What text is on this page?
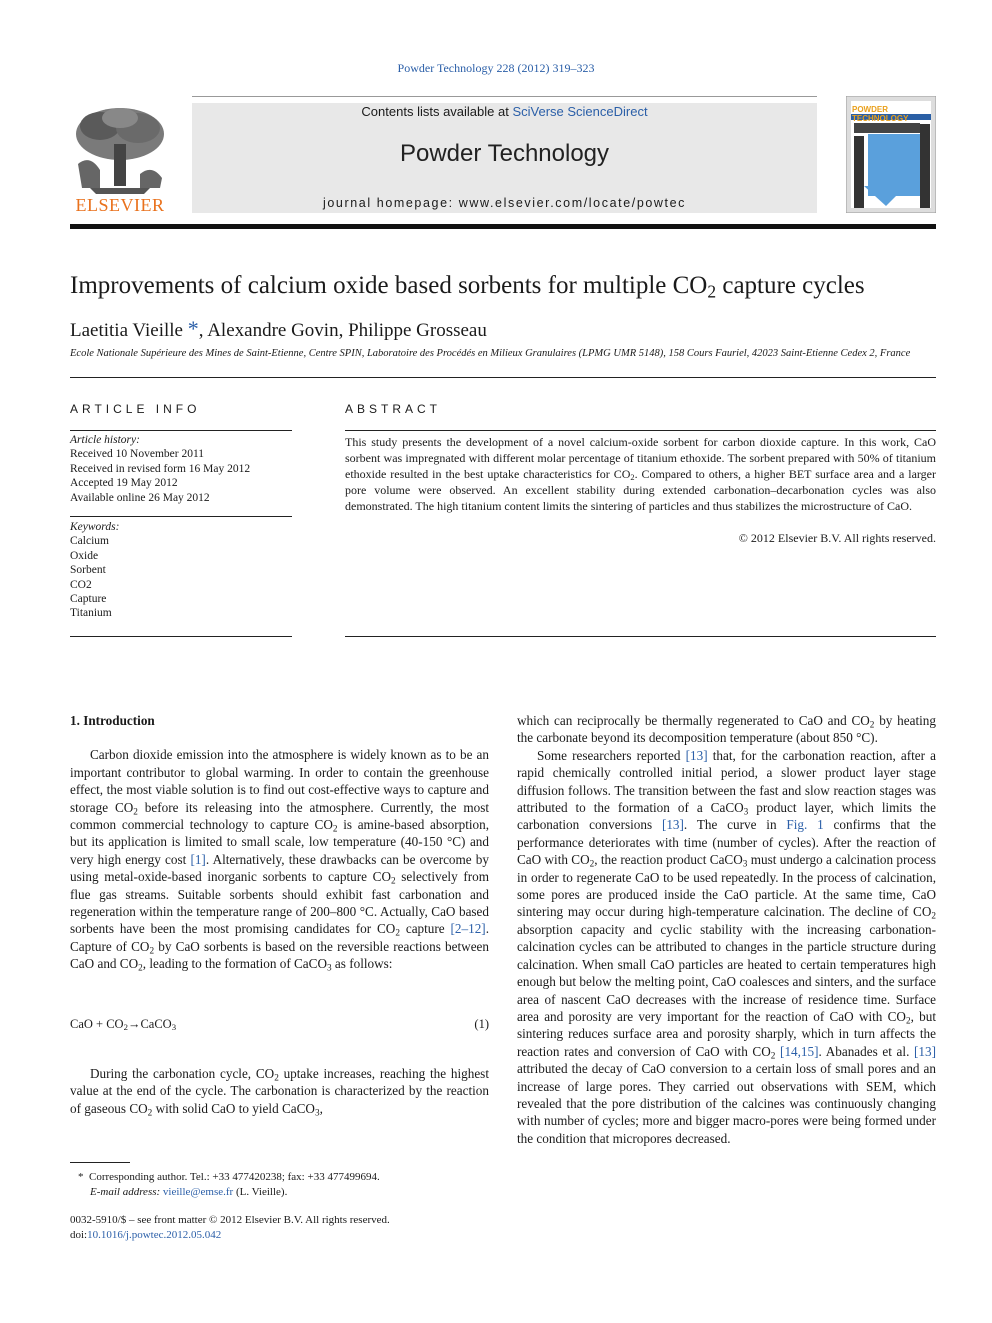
Powder Technology 228 (2012) 319–323
ELSEVIER
Contents lists available at SciVerse ScienceDirect
Powder Technology
journal homepage: www.elsevier.com/locate/powtec
POWDER TECHNOLOGY
Improvements of calcium oxide based sorbents for multiple $CO_2$ capture cycles
Laetitia Vieille *, Alexandre Govin, Philippe Grosseau
Ecole Nationale Supérieure des Mines de Saint-Etienne, Centre SPIN, Laboratoire des Procédés en Milieux Granulaires (LPMG UMR 5148), 158 Cours Fauriel, 42023 Saint-Etienne Cedex 2, France
ARTICLE INFO
Article history:
Received 10 November 2011
Received in revised form 16 May 2012
Accepted 19 May 2012
Available online 26 May 2012
Keywords:
Calcium
Oxide
Sorbent
CO2
Capture
Titanium
ABSTRACT
This study presents the development of a novel calcium-oxide sorbent for carbon dioxide capture. In this work, CaO sorbent was impregnated with different molar percentage of titanium ethoxide. The sorbent prepared with 50% of titanium ethoxide resulted in the best uptake characteristics for $CO_2$. Compared to others, a higher BET surface area and a larger pore volume were observed. An excellent stability during extended carbonation–decarbonation cycles was also demonstrated. The high titanium content limits the sintering of particles and thus stabilizes the microstructure of CaO.
© 2012 Elsevier B.V. All rights reserved.

1. Introduction

Carbon dioxide emission into the atmosphere is widely known as to be an important contributor to global warming. In order to contain the greenhouse effect, the most viable solution is to find out cost-effective ways to capture and storage $CO_2$ before its releasing into the atmosphere. Currently, the most common commercial technology to capture $CO_2$ is amine-based absorption, but its application is limited to small scale, low temperature (40-150 °C) and very high energy cost [1]. Alternatively, these drawbacks can be overcome by using metal-oxide-based inorganic sorbents to capture $CO_2$ selectively from flue gas streams. Suitable sorbents should exhibit fast carbonation and regeneration within the temperature range of 200–800 °C. Actually, CaO based sorbents have been the most promising candidates for $CO_2$ capture [2–12]. Capture of $CO_2$ by CaO sorbents is based on the reversible reactions between CaO and $CO_2$, leading to the formation of CaCO$_3$ as follows:

CaO + $CO_2\to CaCO_3$	(1)

During the carbonation cycle, $CO_2$ uptake increases, reaching the highest value at the end of the cycle. The carbonation is characterized by the reaction of gaseous $CO_2$ with solid CaO to yield CaCO$_3$,

* Corresponding author. Tel.: +33 477420238; fax: +33 477499694.
E-mail address: vieille@emse.fr (L. Vieille).
0032-5910/$ – see front matter © 2012 Elsevier B.V. All rights reserved.
doi:10.1016/j.powtec.2012.05.042

which can reciprocally be thermally regenerated to CaO and $CO_2$ by heating the carbonate beyond its decomposition temperature (about 850 °C).

Some researchers reported [13] that, for the carbonation reaction, after a rapid chemically controlled initial period, a slower product layer stage diffusion follows. The transition between the fast and slow reaction stages was attributed to the formation of a CaCO$_3$ product layer, which limits the carbonation conversions [13]. The curve in Fig. 1 confirms that the performance deteriorates with time (number of cycles). After the reaction of CaO with $CO_2$, the reaction product CaCO$_3$ must undergo a calcination process in order to regenerate CaO to be used repeatedly. In the process of calcination, some pores are produced inside the CaO particle. At the same time, CaO sintering may occur during high-temperature calcination. The decline of $CO_2$ absorption capacity and cyclic stability with the increasing carbonation-calcination cycles can be attributed to changes in the particle structure during calcination. When small CaO particles are heated to certain temperatures high enough but below the melting point, CaO coalesces and sinters, and the surface area of nascent CaO decreases with the increase of residence time. Surface area and porosity are very important for the reaction of CaO with $CO_2$, but sintering reduces surface area and porosity sharply, which in turn affects the reaction rates and conversion of CaO with $CO_2$ [14,15]. Abanades et al. [13] attributed the decay of CaO conversion to a certain loss of small pores and an increase of large pores. They carried out observations with SEM, which revealed that the pore distribution of the calcines was continuously changing with number of cycles; more and bigger macro-pores were being formed under the condition that micropores decreased.
